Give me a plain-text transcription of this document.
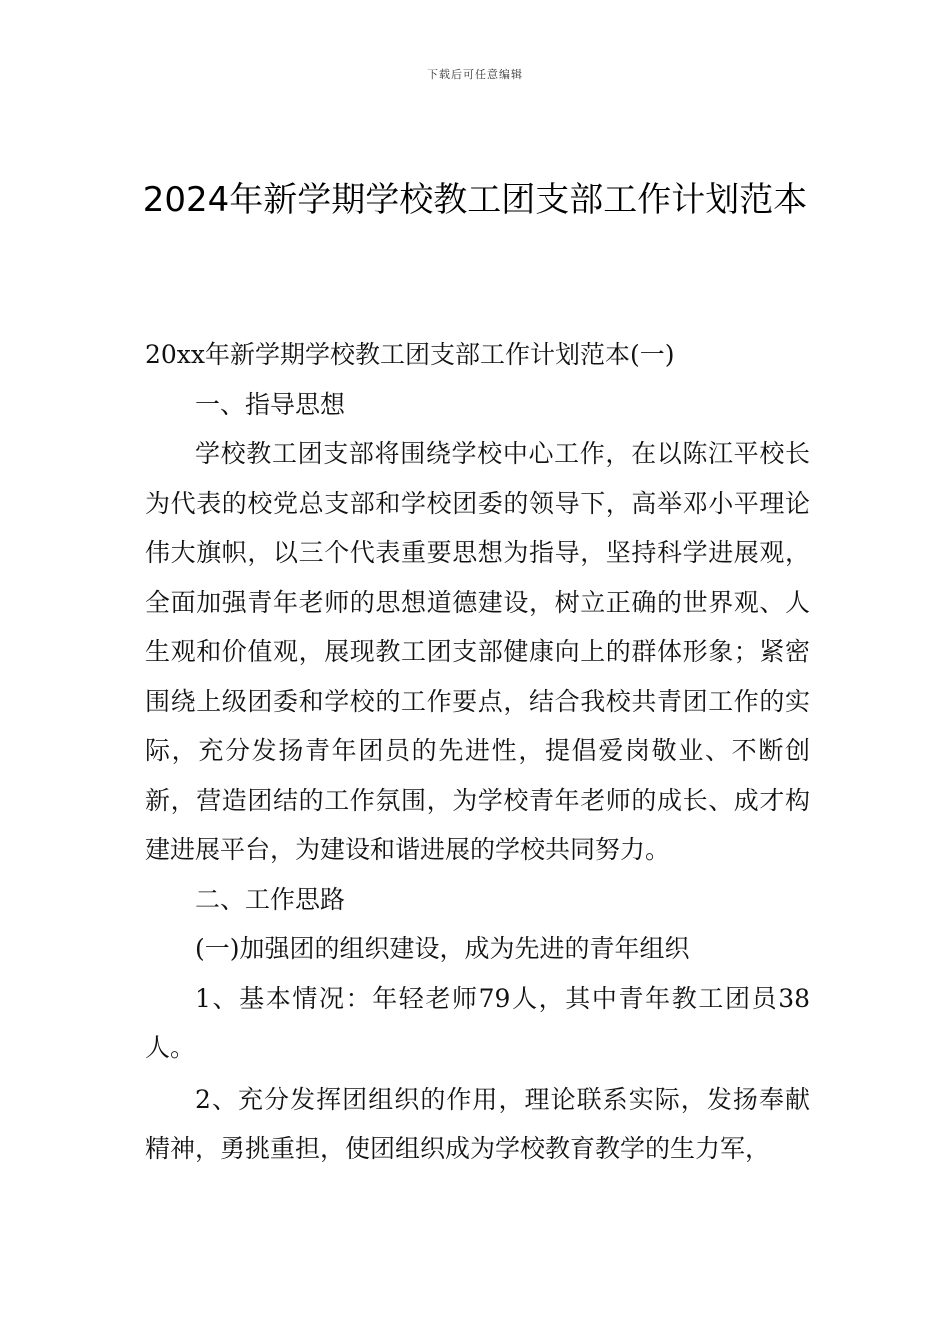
下载后可任意编辑
2024年新学期学校教工团支部工作计划范本

20xx年新学期学校教工团支部工作计划范本(一)

一、指导思想

学校教工团支部将围绕学校中心工作，在以陈江平校长为代表的校党总支部和学校团委的领导下，高举邓小平理论伟大旗帜，以三个代表重要思想为指导，坚持科学进展观，全面加强青年老师的思想道德建设，树立正确的世界观、人生观和价值观，展现教工团支部健康向上的群体形象；紧密围绕上级团委和学校的工作要点，结合我校共青团工作的实际，充分发扬青年团员的先进性，提倡爱岗敬业、不断创新，营造团结的工作氛围，为学校青年老师的成长、成才构建进展平台，为建设和谐进展的学校共同努力。

二、工作思路

(一)加强团的组织建设，成为先进的青年组织

1、基本情况：年轻老师79人，其中青年教工团员38人。

2、充分发挥团组织的作用，理论联系实际，发扬奉献精神，勇挑重担，使团组织成为学校教育教学的生力军，
